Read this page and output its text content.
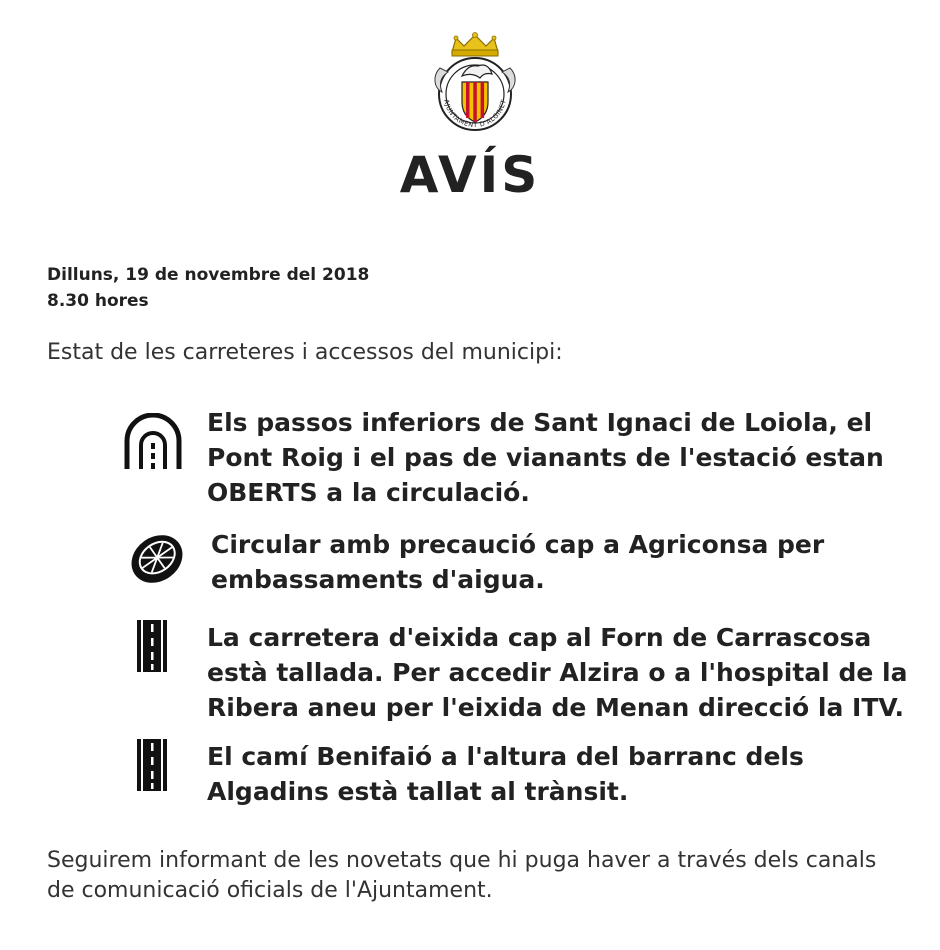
AJUNTAMENT D'ALGINET
AVÍS
Dilluns, 19 de novembre del 2018
8.30 hores
Estat de les carreteres i accessos del municipi:
Els passos inferiors de Sant Ignaci de Loiola, el Pont Roig i el pas de vianants de l'estació estan OBERTS a la circulació.
Circular amb precaució cap a Agriconsa per embassaments d'aigua.
La carretera d'eixida cap al Forn de Carrascosa està tallada. Per accedir Alzira o a l'hospital de la Ribera aneu per l'eixida de Menan direcció la ITV.
El camí Benifaió a l'altura del barranc dels Algadins està tallat al trànsit.
Seguirem informant de les novetats que hi puga haver a través dels canals de comunicació oficials de l'Ajuntament.
